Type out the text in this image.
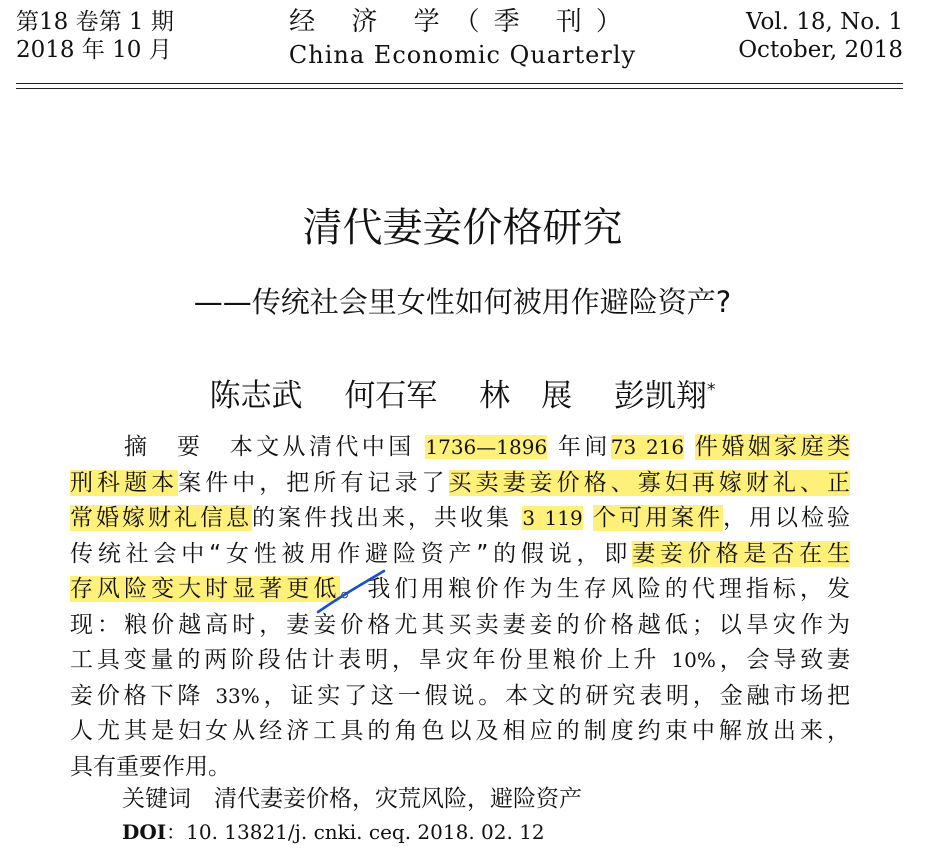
第18 卷第 1 期
2018 年 10 月
经 济 学（季 刊）
China Economic Quarterly
Vol. 18, No. 1
October, 2018
清代妻妾价格研究
——传统社会里女性如何被用作避险资产?
陈志武 何石军 林　展 彭凯翔*
摘　要　 本文从清代中国 1736—1896 年间73 216 件婚姻家庭类
刑科题本案件中，把所有记录了买卖妻妾价格、寡妇再嫁财礼、正
常婚嫁财礼信息的案件找出来，共收集 3 119 个可用案件，用以检验
传统社会中“女性被用作避险资产”的假说，即妻妾价格是否在生
存风险变大时显著更低。我们用粮价作为生存风险的代理指标，发
现：粮价越高时，妻妾价格尤其买卖妻妾的价格越低；以旱灾作为
工具变量的两阶段估计表明，旱灾年份里粮价上升 10%，会导致妻
妾价格下降 33%，证实了这一假说。本文的研究表明，金融市场把
人尤其是妇女从经济工具的角色以及相应的制度约束中解放出来，
具有重要作用。
关键词　 清代妻妾价格，灾荒风险，避险资产
DOI：10. 13821/j. cnki. ceq. 2018. 02. 12
